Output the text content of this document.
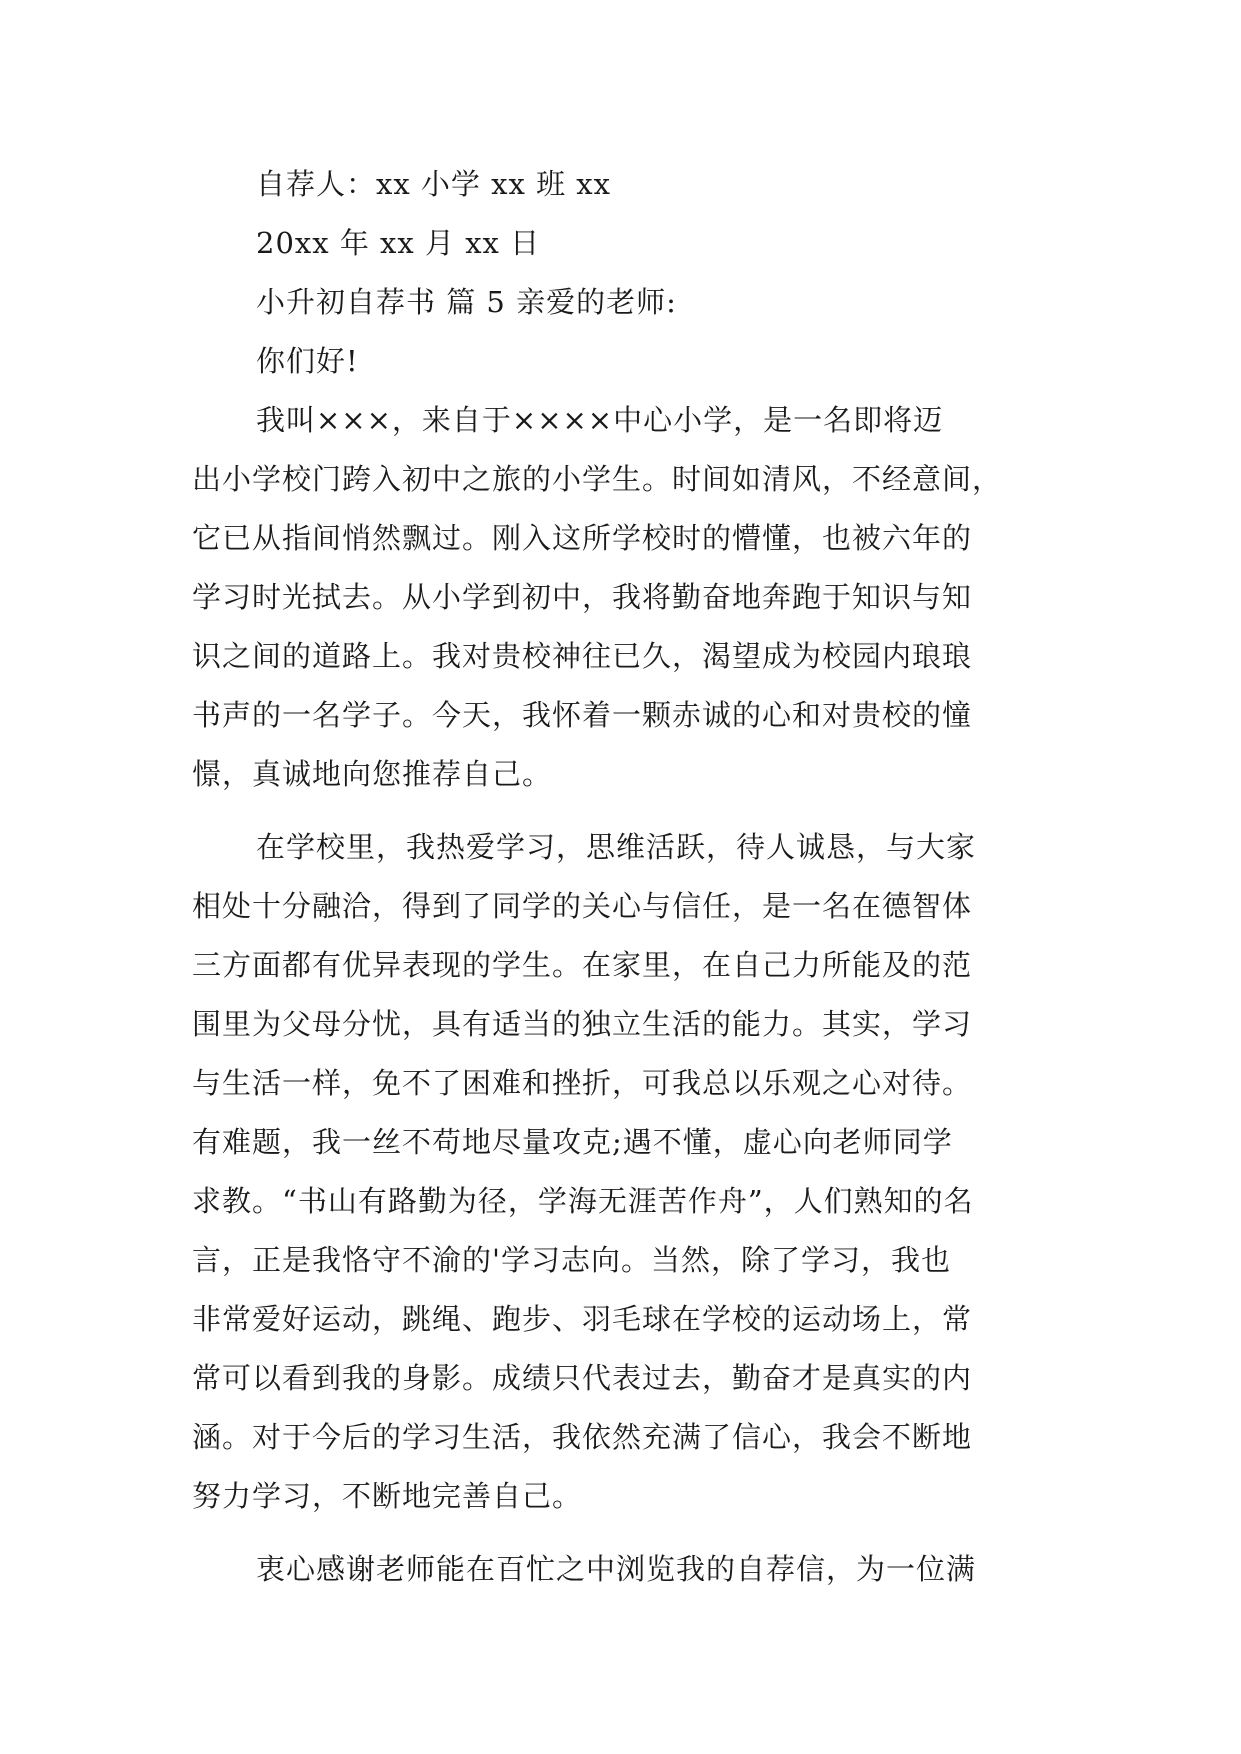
自荐人：xx 小学 xx 班 xx
20xx 年 xx 月 xx 日
小升初自荐书 篇 5 亲爱的老师:
你们好!
我叫×××，来自于××××中心小学，是一名即将迈
出小学校门跨入初中之旅的小学生。时间如清风，不经意间，
它已从指间悄然飘过。刚入这所学校时的懵懂，也被六年的
学习时光拭去。从小学到初中，我将勤奋地奔跑于知识与知
识之间的道路上。我对贵校神往已久，渴望成为校园内琅琅
书声的一名学子。今天，我怀着一颗赤诚的心和对贵校的憧
憬，真诚地向您推荐自己。
在学校里，我热爱学习，思维活跃，待人诚恳，与大家
相处十分融洽，得到了同学的关心与信任，是一名在德智体
三方面都有优异表现的学生。在家里，在自己力所能及的范
围里为父母分忧，具有适当的独立生活的能力。其实，学习
与生活一样，免不了困难和挫折，可我总以乐观之心对待。
有难题，我一丝不苟地尽量攻克;遇不懂，虚心向老师同学
求教。“书山有路勤为径，学海无涯苦作舟”，人们熟知的名
言，正是我恪守不渝的'学习志向。当然，除了学习，我也
非常爱好运动，跳绳、跑步、羽毛球在学校的运动场上，常
常可以看到我的身影。成绩只代表过去，勤奋才是真实的内
涵。对于今后的学习生活，我依然充满了信心，我会不断地
努力学习，不断地完善自己。
衷心感谢老师能在百忙之中浏览我的自荐信，为一位满
